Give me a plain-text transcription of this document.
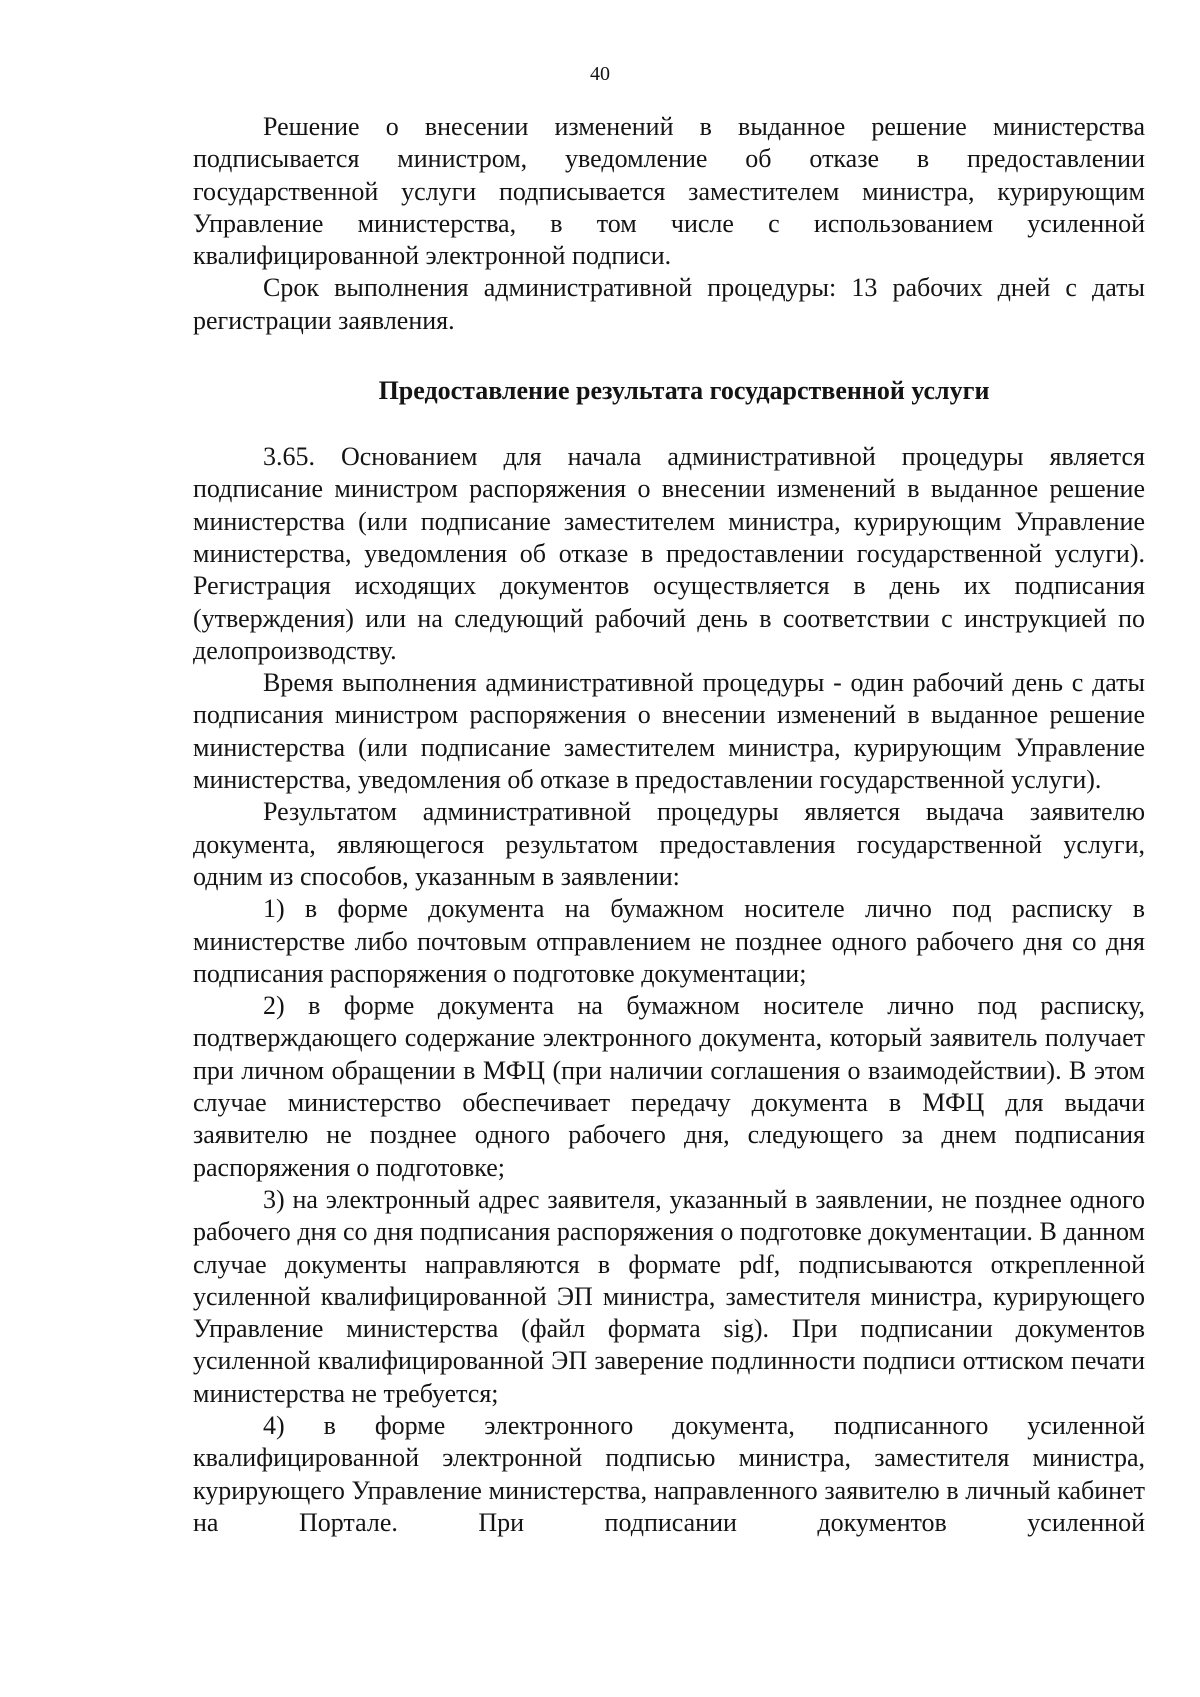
40

Решение о внесении изменений в выданное решение министерства подписывается министром, уведомление об отказе в предоставлении государственной услуги подписывается заместителем министра, курирующим Управление министерства, в том числе с использованием усиленной квалифицированной электронной подписи.

Срок выполнения административной процедуры: 13 рабочих дней с даты регистрации заявления.

Предоставление результата государственной услуги

3.65. Основанием для начала административной процедуры является подписание министром распоряжения о внесении изменений в выданное решение министерства (или подписание заместителем министра, курирующим Управление министерства, уведомления об отказе в предоставлении государственной услуги). Регистрация исходящих документов осуществляется в день их подписания (утверждения) или на следующий рабочий день в соответствии с инструкцией по делопроизводству.

Время выполнения административной процедуры - один рабочий день с даты подписания министром распоряжения о внесении изменений в выданное решение министерства (или подписание заместителем министра, курирующим Управление министерства, уведомления об отказе в предоставлении государственной услуги).

Результатом административной процедуры является выдача заявителю документа, являющегося результатом предоставления государственной услуги, одним из способов, указанным в заявлении:

1) в форме документа на бумажном носителе лично под расписку в министерстве либо почтовым отправлением не позднее одного рабочего дня со дня подписания распоряжения о подготовке документации;

2) в форме документа на бумажном носителе лично под расписку, подтверждающего содержание электронного документа, который заявитель получает при личном обращении в МФЦ (при наличии соглашения о взаимодействии). В этом случае министерство обеспечивает передачу документа в МФЦ для выдачи заявителю не позднее одного рабочего дня, следующего за днем подписания распоряжения о подготовке;

3) на электронный адрес заявителя, указанный в заявлении, не позднее одного рабочего дня со дня подписания распоряжения о подготовке документации. В данном случае документы направляются в формате pdf, подписываются открепленной усиленной квалифицированной ЭП министра, заместителя министра, курирующего Управление министерства (файл формата sig). При подписании документов усиленной квалифицированной ЭП заверение подлинности подписи оттиском печати министерства не требуется;

4) в форме электронного документа, подписанного усиленной квалифицированной электронной подписью министра, заместителя министра, курирующего Управление министерства, направленного заявителю в личный кабинет на Портале. При подписании документов усиленной
